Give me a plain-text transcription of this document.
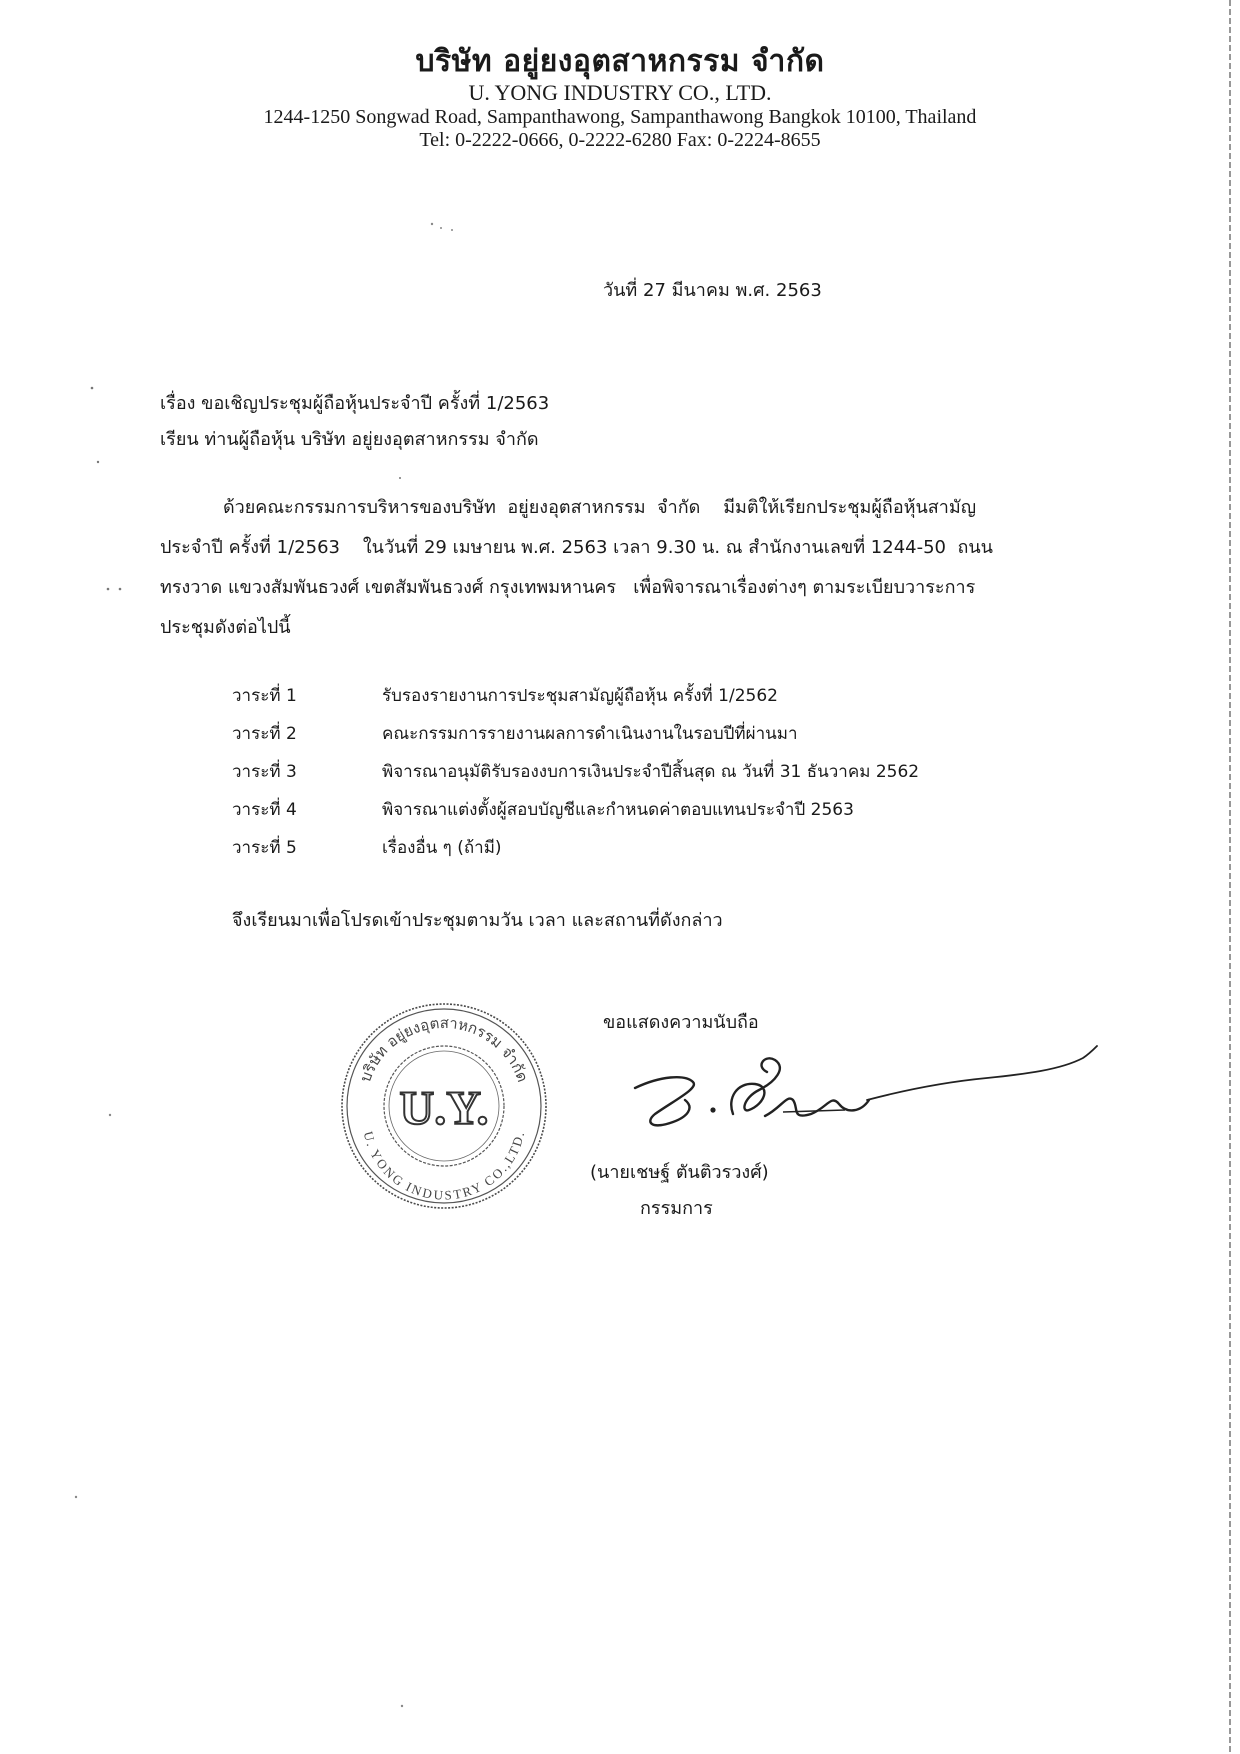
บริษัท อยู่ยงอุตสาหกรรม จำกัด
U. YONG INDUSTRY CO., LTD.
1244-1250 Songwad Road, Sampanthawong, Sampanthawong Bangkok 10100, Thailand
Tel: 0-2222-0666, 0-2222-6280 Fax: 0-2224-8655
วันที่ 27 มีนาคม พ.ศ. 2563
เรื่อง ขอเชิญประชุมผู้ถือหุ้นประจำปี ครั้งที่ 1/2563
เรียน ท่านผู้ถือหุ้น บริษัท อยู่ยงอุตสาหกรรม จำกัด
ด้วยคณะกรรมการบริหารของบริษัท  อยู่ยงอุตสาหกรรม  จำกัด    มีมติให้เรียกประชุมผู้ถือหุ้นสามัญ
ประจำปี ครั้งที่ 1/2563    ในวันที่ 29 เมษายน พ.ศ. 2563 เวลา 9.30 น. ณ สำนักงานเลขที่ 1244-50  ถนน
ทรงวาด แขวงสัมพันธวงศ์ เขตสัมพันธวงศ์ กรุงเทพมหานคร   เพื่อพิจารณาเรื่องต่างๆ ตามระเบียบวาระการ
ประชุมดังต่อไปนี้
วาระที่ 1	รับรองรายงานการประชุมสามัญผู้ถือหุ้น ครั้งที่ 1/2562
วาระที่ 2	คณะกรรมการรายงานผลการดำเนินงานในรอบปีที่ผ่านมา
วาระที่ 3	พิจารณาอนุมัติรับรองงบการเงินประจำปีสิ้นสุด ณ วันที่ 31 ธันวาคม 2562
วาระที่ 4	พิจารณาแต่งตั้งผู้สอบบัญชีและกำหนดค่าตอบแทนประจำปี 2563
วาระที่ 5	เรื่องอื่น ๆ (ถ้ามี)
จึงเรียนมาเพื่อโปรดเข้าประชุมตามวัน เวลา และสถานที่ดังกล่าว
ขอแสดงความนับถือ
บริษัท อยู่ยงอุตสาหกรรม จำกัด
U. YONG INDUSTRY CO.,LTD.
U.Y.
(นายเชษฐ์ ตันติวรวงศ์)
กรรมการ
